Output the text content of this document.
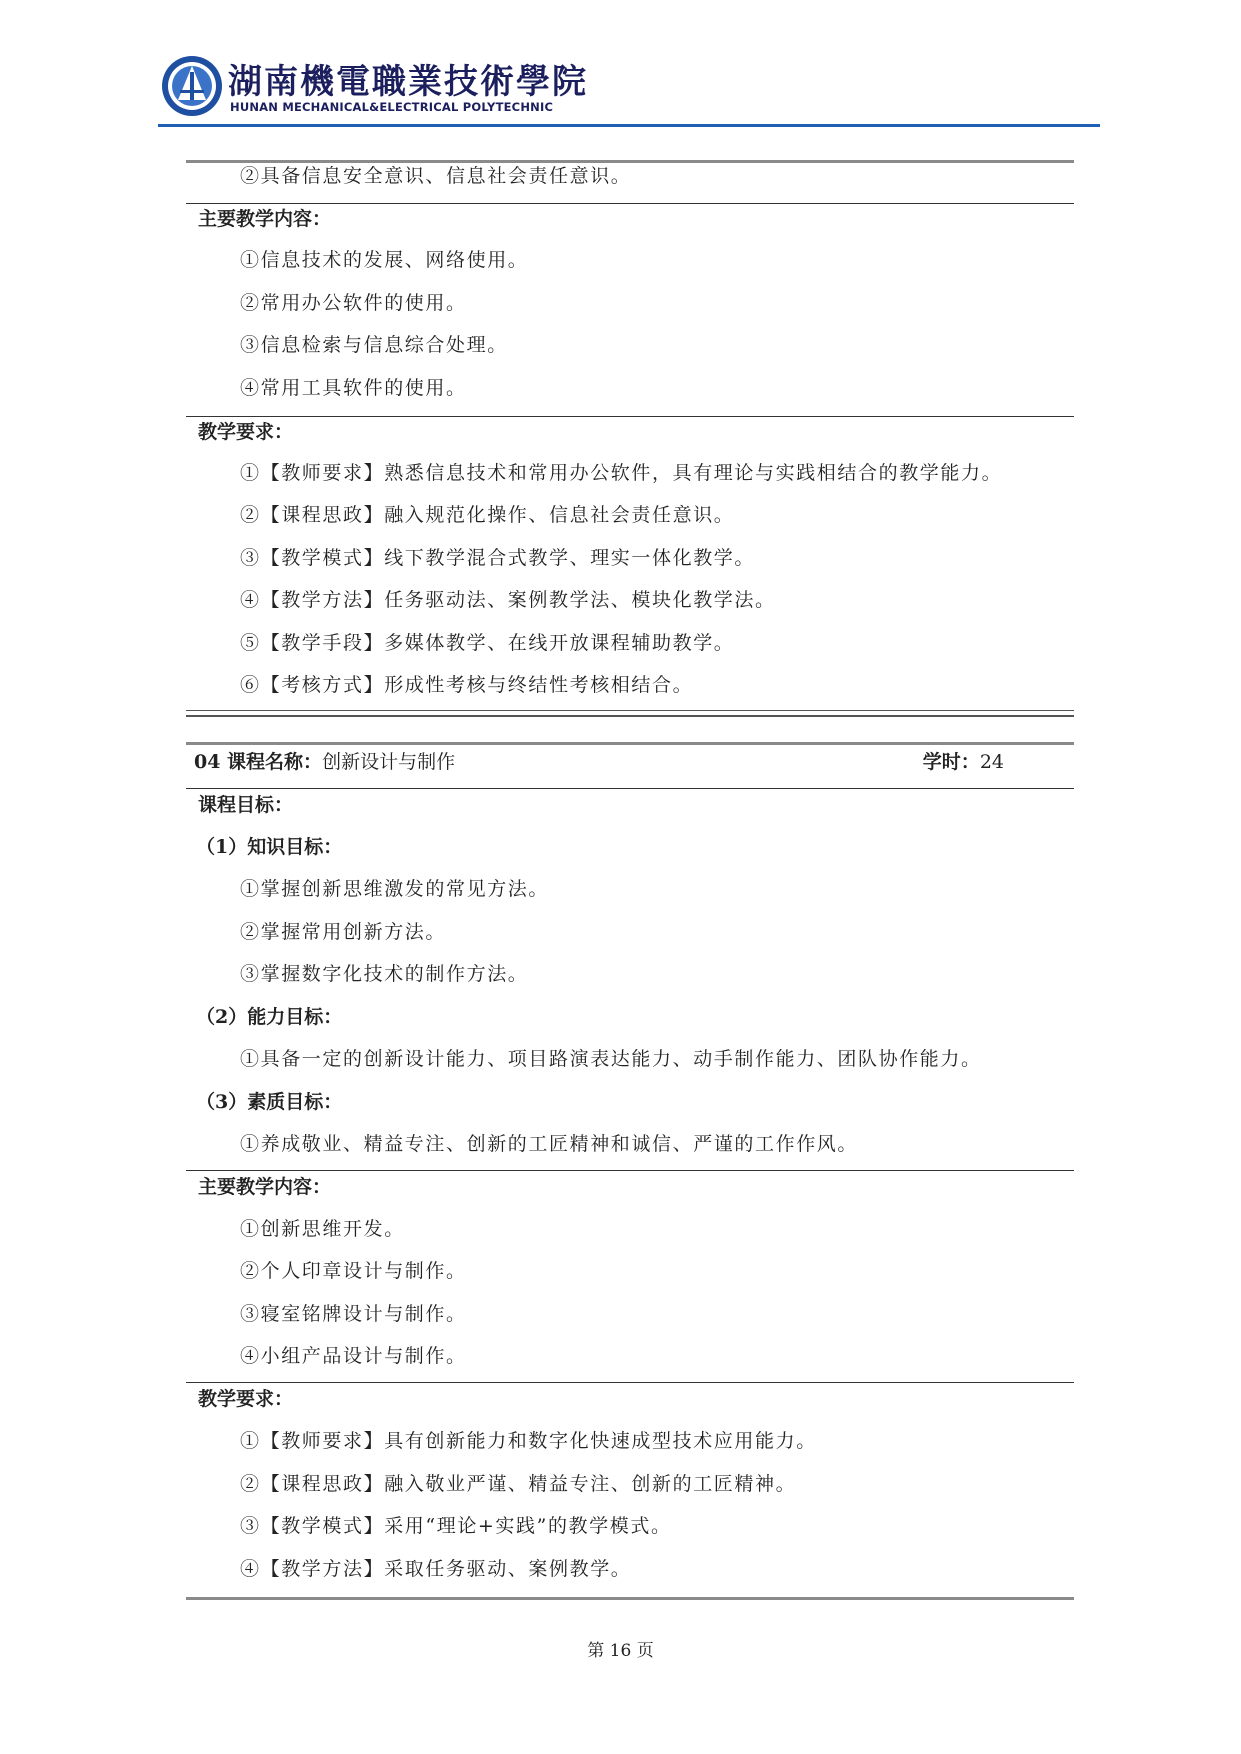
湖南機電職業技術學院
HUNAN MECHANICAL&ELECTRICAL POLYTECHNIC
②具备信息安全意识、信息社会责任意识。
主要教学内容：
①信息技术的发展、网络使用。
②常用办公软件的使用。
③信息检索与信息综合处理。
④常用工具软件的使用。
教学要求：
①【教师要求】熟悉信息技术和常用办公软件，具有理论与实践相结合的教学能力。
②【课程思政】融入规范化操作、信息社会责任意识。
③【教学模式】线下教学混合式教学、理实一体化教学。
④【教学方法】任务驱动法、案例教学法、模块化教学法。
⑤【教学手段】多媒体教学、在线开放课程辅助教学。
⑥【考核方式】形成性考核与终结性考核相结合。
04 课程名称：创新设计与制作	学时：24
课程目标：
（1）知识目标：
①掌握创新思维激发的常见方法。
②掌握常用创新方法。
③掌握数字化技术的制作方法。
（2）能力目标：
①具备一定的创新设计能力、项目路演表达能力、动手制作能力、团队协作能力。
（3）素质目标：
①养成敬业、精益专注、创新的工匠精神和诚信、严谨的工作作风。
主要教学内容：
①创新思维开发。
②个人印章设计与制作。
③寝室铭牌设计与制作。
④小组产品设计与制作。
教学要求：
①【教师要求】具有创新能力和数字化快速成型技术应用能力。
②【课程思政】融入敬业严谨、精益专注、创新的工匠精神。
③【教学模式】采用“理论+实践”的教学模式。
④【教学方法】采取任务驱动、案例教学。
第 16 页
